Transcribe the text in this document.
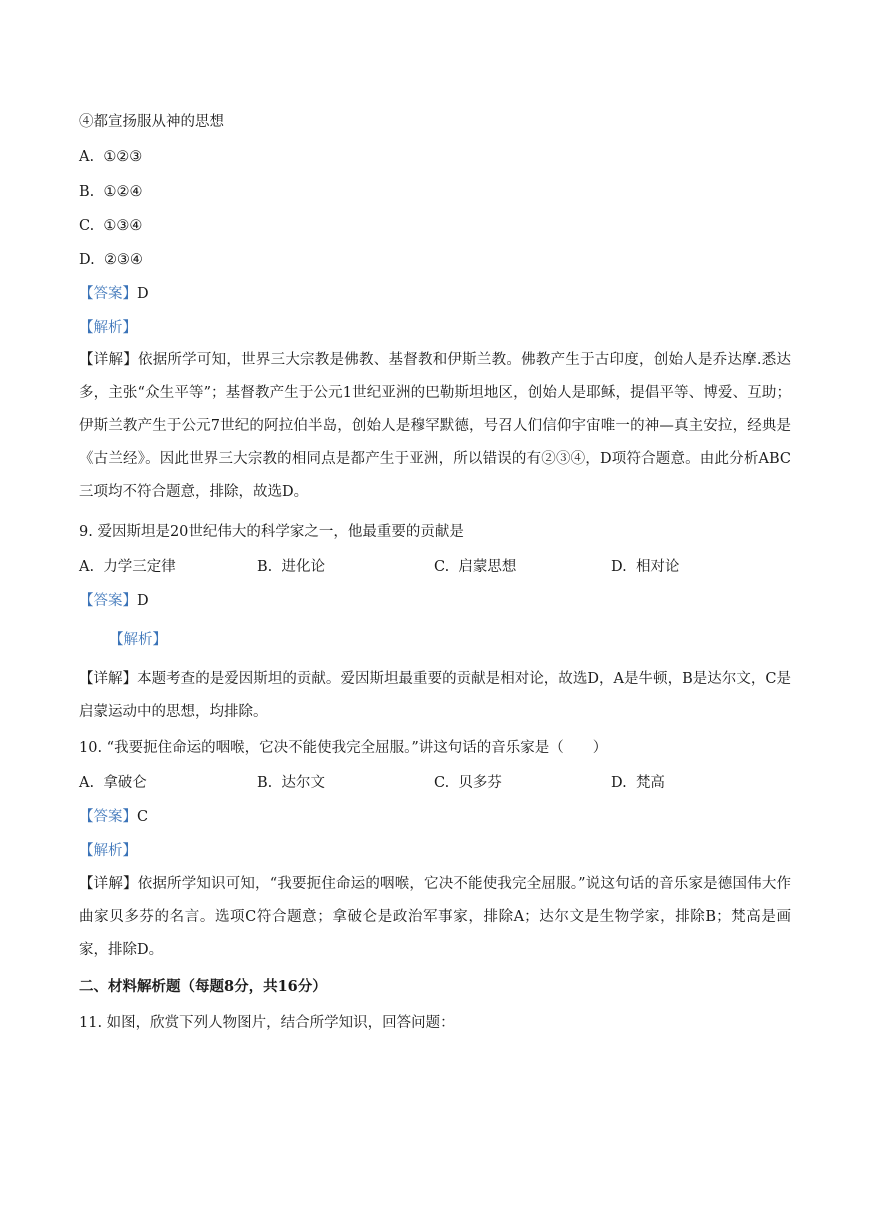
④都宣扬服从神的思想
A. ①②③
B. ①②④
C. ①③④
D. ②③④
【答案】D
【解析】
【详解】依据所学可知，世界三大宗教是佛教、基督教和伊斯兰教。佛教产生于古印度，创始人是乔达摩.悉达多，主张“众生平等”；基督教产生于公元1世纪亚洲的巴勒斯坦地区，创始人是耶稣，提倡平等、博爱、互助；伊斯兰教产生于公元7世纪的阿拉伯半岛，创始人是穆罕默德，号召人们信仰宇宙唯一的神—真主安拉，经典是《古兰经》。因此世界三大宗教的相同点是都产生于亚洲，所以错误的有②③④，D项符合题意。由此分析ABC三项均不符合题意，排除，故选D。
9. 爱因斯坦是20世纪伟大的科学家之一，他最重要的贡献是
A. 力学三定律	B. 进化论	C. 启蒙思想	D. 相对论
【答案】D
【解析】
【详解】本题考查的是爱因斯坦的贡献。爱因斯坦最重要的贡献是相对论，故选D，A是牛顿，B是达尔文，C是启蒙运动中的思想，均排除。
10. “我要扼住命运的咽喉，它决不能使我完全屈服。”讲这句话的音乐家是（　　）
A. 拿破仑	B. 达尔文	C. 贝多芬	D. 梵高
【答案】C
【解析】
【详解】依据所学知识可知，“我要扼住命运的咽喉，它决不能使我完全屈服。”说这句话的音乐家是德国伟大作曲家贝多芬的名言。选项C符合题意；拿破仑是政治军事家，排除A；达尔文是生物学家，排除B；梵高是画家，排除D。
二、材料解析题（每题8分，共16分）
11. 如图，欣赏下列人物图片，结合所学知识，回答问题：
